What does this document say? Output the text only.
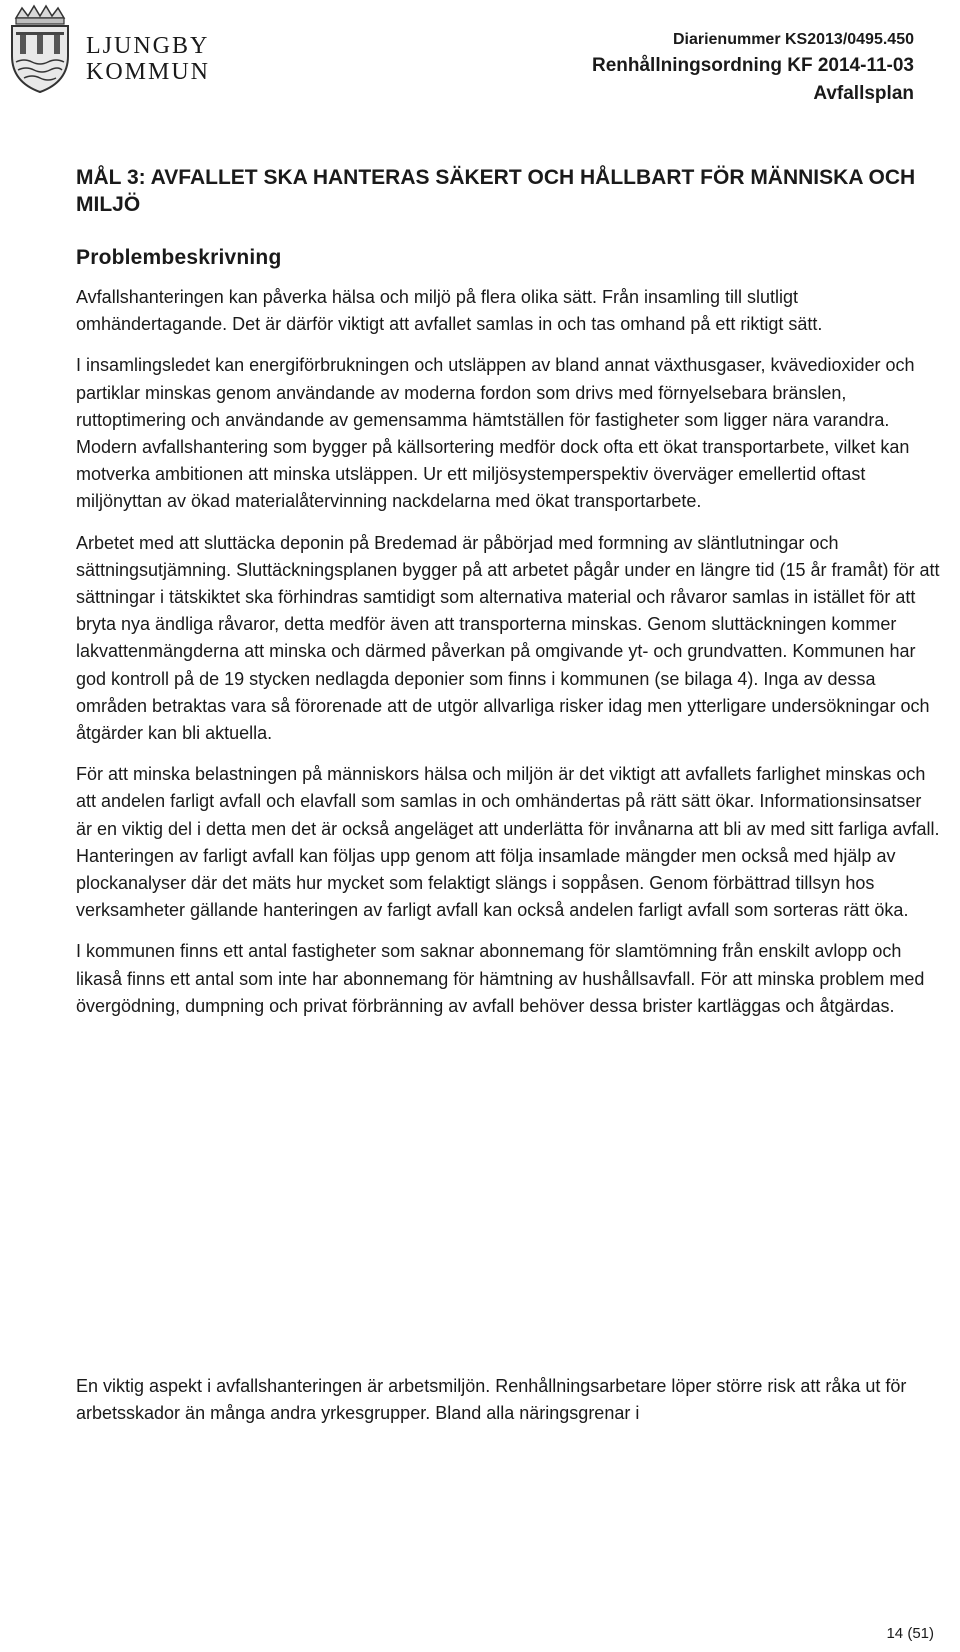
LJUNGBY
KOMMUN
Diarienummer KS2013/0495.450
Renhållningsordning KF 2014-11-03
Avfallsplan
MÅL 3: AVFALLET SKA HANTERAS SÄKERT OCH HÅLLBART FÖR MÄNNISKA OCH MILJÖ
Problembeskrivning

Avfallshanteringen kan påverka hälsa och miljö på flera olika sätt. Från insamling till slutligt omhändertagande. Det är därför viktigt att avfallet samlas in och tas omhand på ett riktigt sätt.

I insamlingsledet kan energiförbrukningen och utsläppen av bland annat växthusgaser, kvävedioxider och partiklar minskas genom användande av moderna fordon som drivs med förnyelsebara bränslen, ruttoptimering och användande av gemensamma hämtställen för fastigheter som ligger nära varandra. Modern avfallshantering som bygger på källsortering medför dock ofta ett ökat transportarbete, vilket kan motverka ambitionen att minska utsläppen. Ur ett miljösystemperspektiv överväger emellertid oftast miljönyttan av ökad materialåtervinning nackdelarna med ökat transportarbete.

Arbetet med att sluttäcka deponin på Bredemad är påbörjad med formning av släntlutningar och sättningsutjämning. Sluttäckningsplanen bygger på att arbetet pågår under en längre tid (15 år framåt) för att sättningar i tätskiktet ska förhindras samtidigt som alternativa material och råvaror samlas in istället för att bryta nya ändliga råvaror, detta medför även att transporterna minskas. Genom sluttäckningen kommer lakvattenmängderna att minska och därmed påverkan på omgivande yt- och grundvatten. Kommunen har god kontroll på de 19 stycken nedlagda deponier som finns i kommunen (se bilaga 4). Inga av dessa områden betraktas vara så förorenade att de utgör allvarliga risker idag men ytterligare undersökningar och åtgärder kan bli aktuella.

För att minska belastningen på människors hälsa och miljön är det viktigt att avfallets farlighet minskas och att andelen farligt avfall och elavfall som samlas in och omhändertas på rätt sätt ökar. Informationsinsatser är en viktig del i detta men det är också angeläget att underlätta för invånarna att bli av med sitt farliga avfall. Hanteringen av farligt avfall kan följas upp genom att följa insamlade mängder men också med hjälp av plockanalyser där det mäts hur mycket som felaktigt slängs i soppåsen. Genom förbättrad tillsyn hos verksamheter gällande hanteringen av farligt avfall kan också andelen farligt avfall som sorteras rätt öka.

I kommunen finns ett antal fastigheter som saknar abonnemang för slamtömning från enskilt avlopp och likaså finns ett antal som inte har abonnemang för hämtning av hushållsavfall. För att minska problem med övergödning, dumpning och privat förbränning av avfall behöver dessa brister kartläggas och åtgärdas.

En viktig aspekt i avfallshanteringen är arbetsmiljön. Renhållningsarbetare löper större risk att råka ut för arbetsskador än många andra yrkesgrupper. Bland alla näringsgrenar i

14 (51)
